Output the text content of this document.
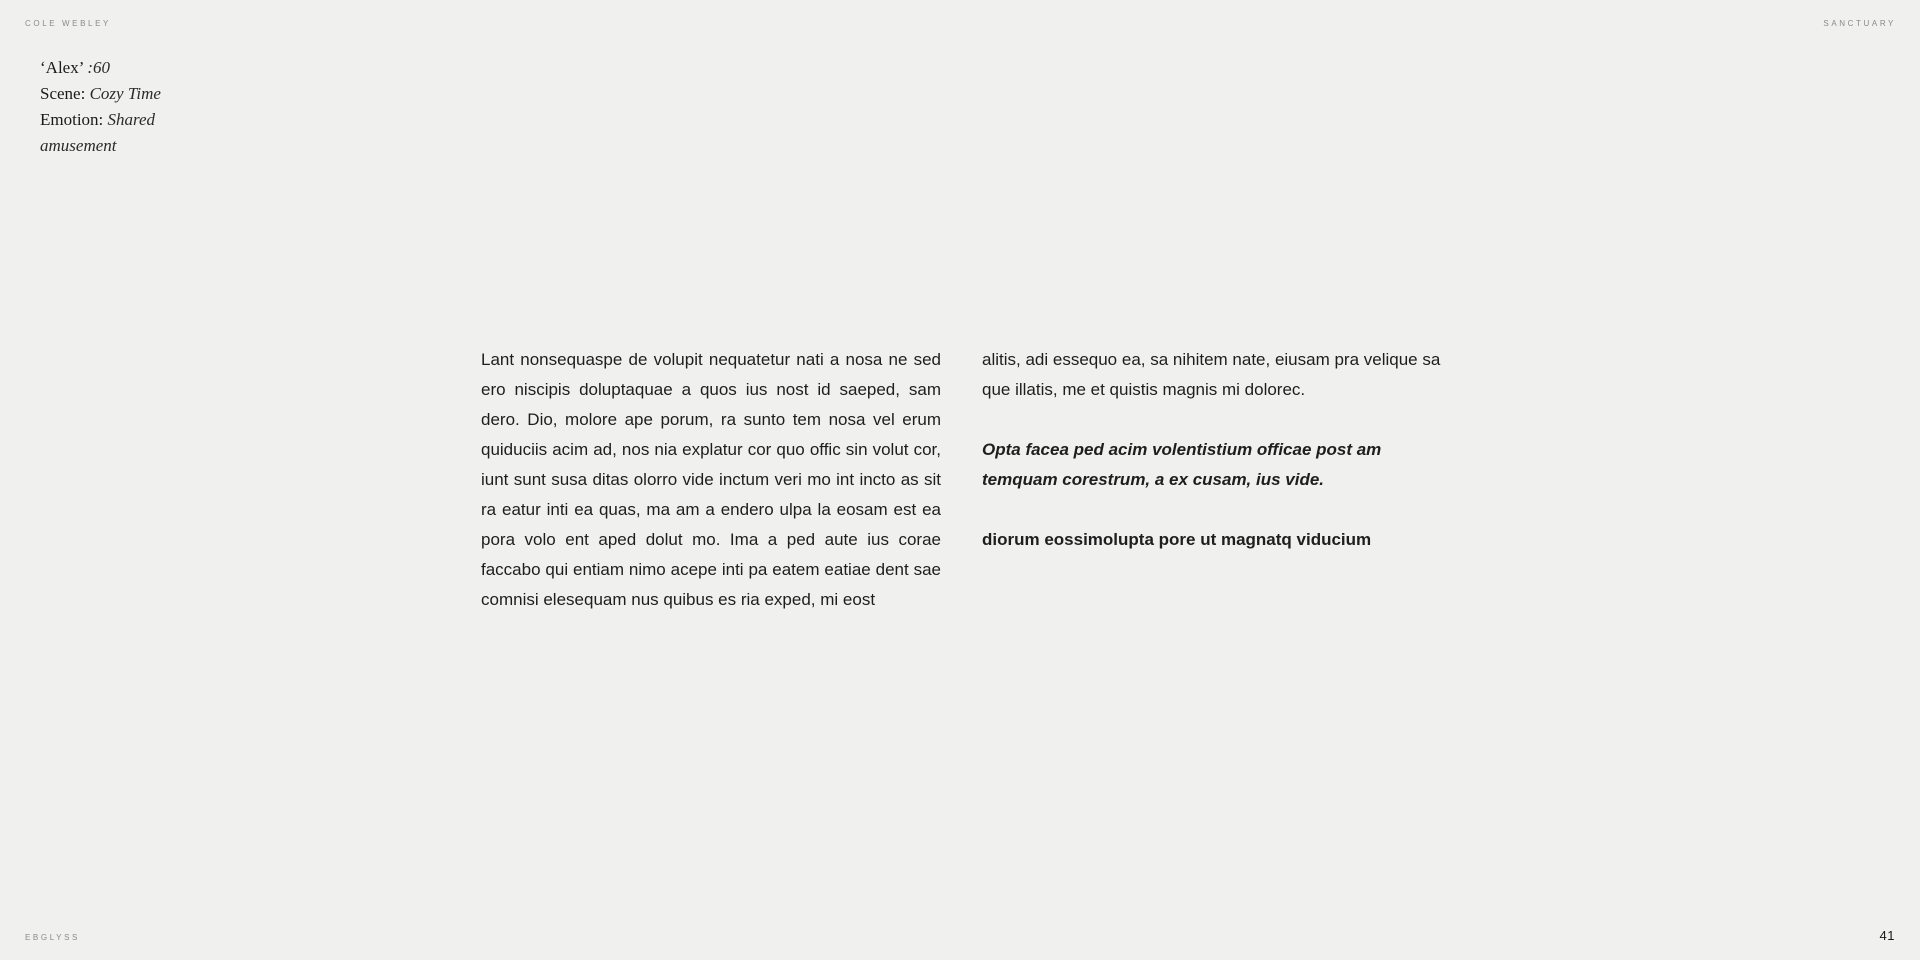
COLE WEBLEY	SANCTUARY
‘Alex’ :60
Scene: Cozy Time
Emotion: Shared amusement
Lant nonsequaspe de volupit nequatetur nati a nosa ne sed ero niscipis doluptaquae a quos ius nost id saeped, sam dero. Dio, molore ape porum, ra sunto tem nosa vel erum quiduciis acim ad, nos nia explatur cor quo offic sin volut cor, iunt sunt susa ditas olorro vide inctum veri mo int incto as sit ra eatur inti ea quas, ma am a endero ulpa la eosam est ea pora volo ent aped dolut mo. Ima a ped aute ius corae faccabo qui entiam nimo acepe inti pa eatem eatiae dent sae comnisi elesequam nus quibus es ria exped, mi eost

alitis, adi essequo ea, sa nihitem nate, eiusam pra velique sa que illatis, me et quistis magnis mi dolorec.

Opta facea ped acim volentistium officae post am temquam corestrum, a ex cusam, ius vide.

diorum eossimolupta pore ut magnatq viducium

EBGLYSS	41
